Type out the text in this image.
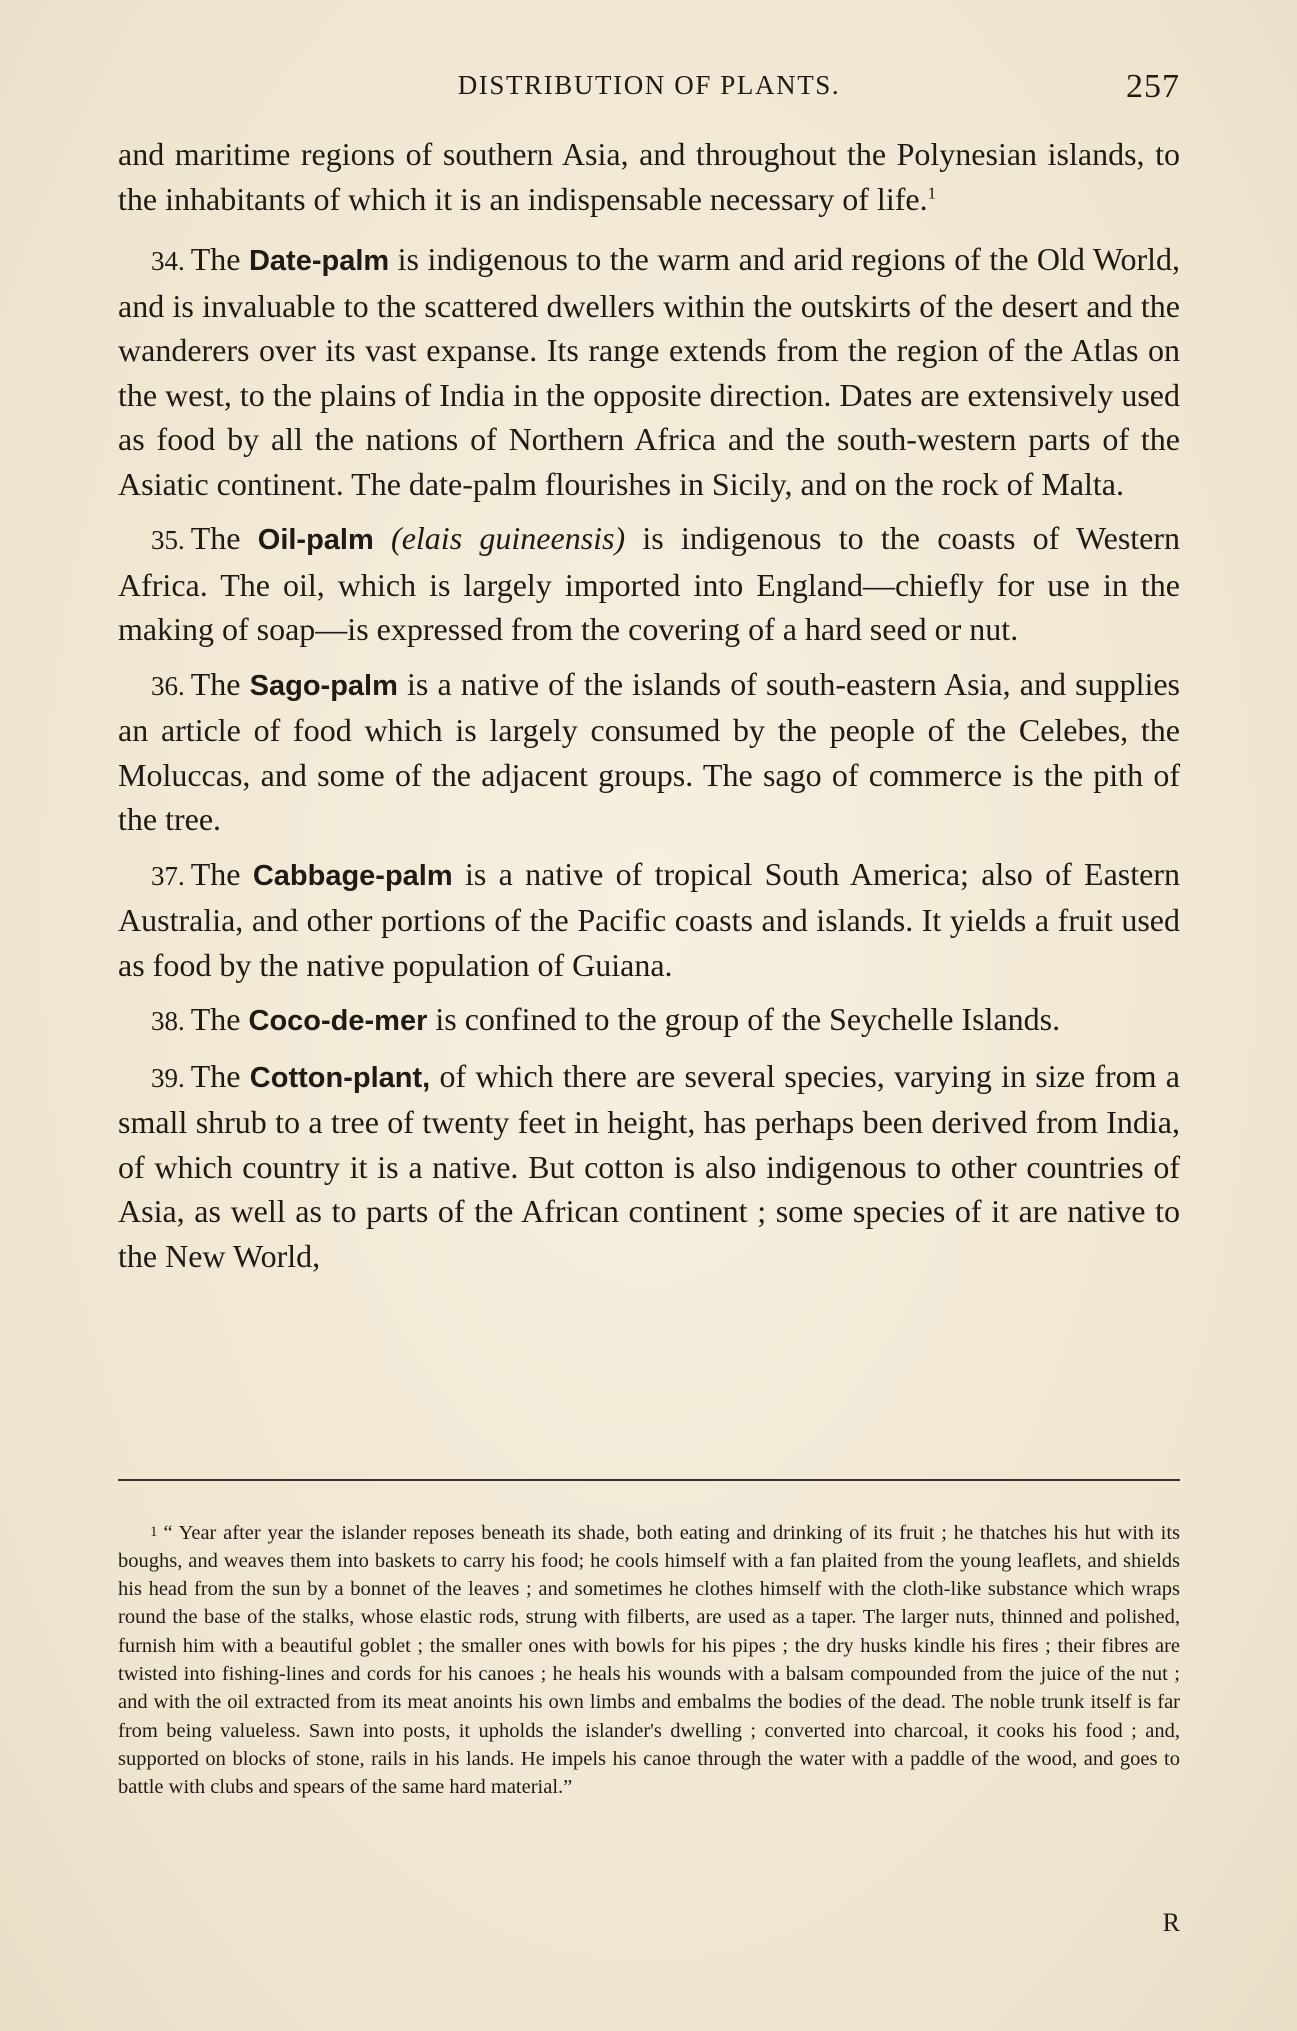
DISTRIBUTION OF PLANTS.	257

and maritime regions of southern Asia, and throughout the Polynesian islands, to the inhabitants of which it is an indispensable necessary of life.$^1$

34. The Date-palm is indigenous to the warm and arid regions of the Old World, and is invaluable to the scattered dwellers within the outskirts of the desert and the wanderers over its vast expanse. Its range extends from the region of the Atlas on the west, to the plains of India in the opposite direction. Dates are extensively used as food by all the nations of Northern Africa and the south-western parts of the Asiatic continent. The date-palm flourishes in Sicily, and on the rock of Malta.

35. The Oil-palm (elais guineensis) is indigenous to the coasts of Western Africa. The oil, which is largely imported into England—chiefly for use in the making of soap—is expressed from the covering of a hard seed or nut.

36. The Sago-palm is a native of the islands of south-eastern Asia, and supplies an article of food which is largely consumed by the people of the Celebes, the Moluccas, and some of the adjacent groups. The sago of commerce is the pith of the tree.

37. The Cabbage-palm is a native of tropical South America; also of Eastern Australia, and other portions of the Pacific coasts and islands. It yields a fruit used as food by the native population of Guiana.

38. The Coco-de-mer is confined to the group of the Seychelle Islands.

39. The Cotton-plant, of which there are several species, varying in size from a small shrub to a tree of twenty feet in height, has perhaps been derived from India, of which country it is a native. But cotton is also indigenous to other countries of Asia, as well as to parts of the African continent ; some species of it are native to the New World,

1 “ Year after year the islander reposes beneath its shade, both eating and drinking of its fruit ; he thatches his hut with its boughs, and weaves them into baskets to carry his food; he cools himself with a fan plaited from the young leaflets, and shields his head from the sun by a bonnet of the leaves ; and sometimes he clothes himself with the cloth-like substance which wraps round the base of the stalks, whose elastic rods, strung with filberts, are used as a taper. The larger nuts, thinned and polished, furnish him with a beautiful goblet ; the smaller ones with bowls for his pipes ; the dry husks kindle his fires ; their fibres are twisted into fishing-lines and cords for his canoes ; he heals his wounds with a balsam compounded from the juice of the nut ; and with the oil extracted from its meat anoints his own limbs and embalms the bodies of the dead. The noble trunk itself is far from being valueless. Sawn into posts, it upholds the islander's dwelling ; converted into charcoal, it cooks his food ; and, supported on blocks of stone, rails in his lands. He impels his canoe through the water with a paddle of the wood, and goes to battle with clubs and spears of the same hard material.”

R
